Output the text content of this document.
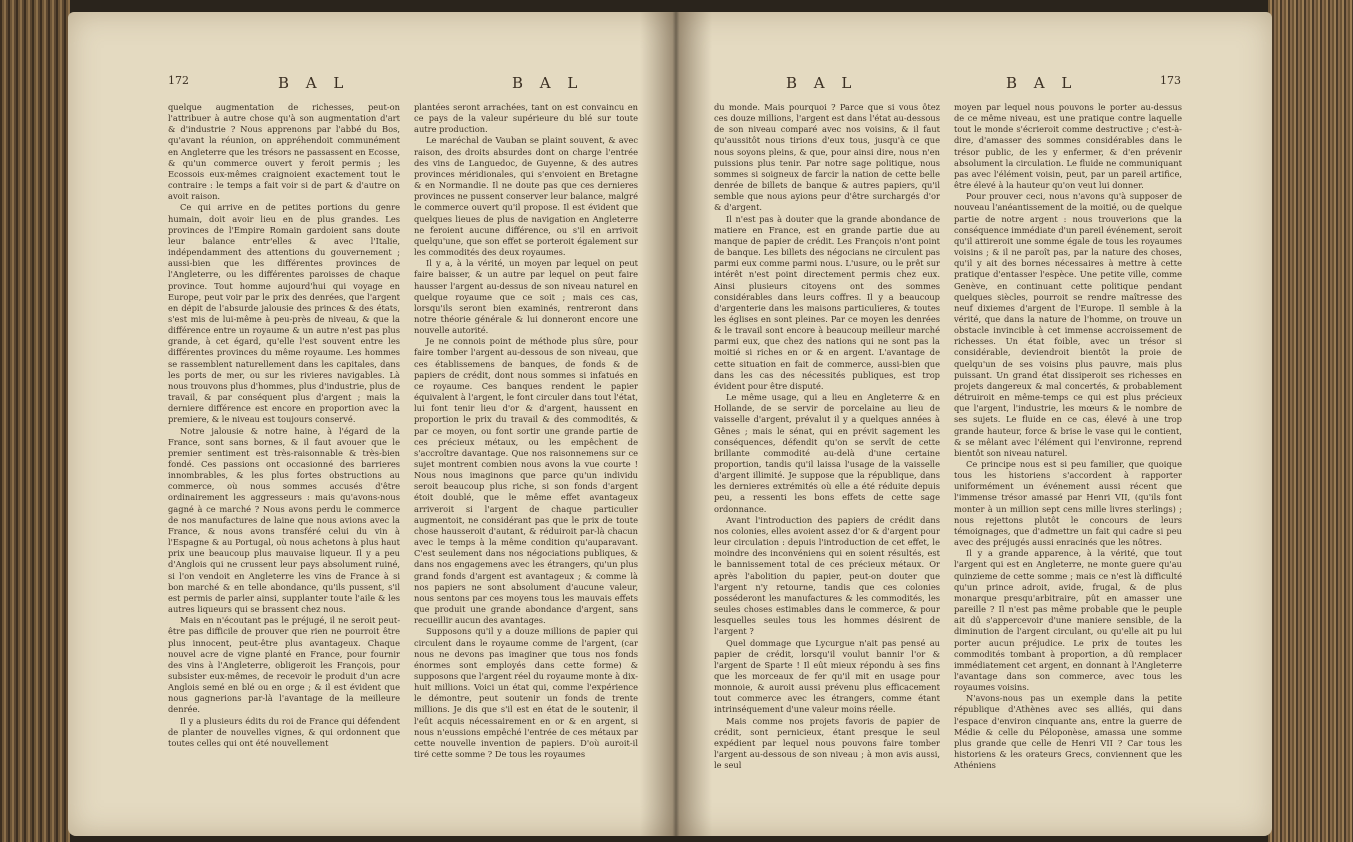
172	B A L	B A L

quelque augmentation de richesses, peut-on l'attribuer à autre chose qu'à son augmentation d'art & d'industrie ? Nous apprenons par l'abbé du Bos, qu'avant la réunion, on appréhendoit communément en Angleterre que les trésors ne passassent en Ecosse, & qu'un commerce ouvert y feroit permis ; les Ecossois eux-mêmes craignoient exactement tout le contraire : le temps a fait voir si de part & d'autre on avoit raison.

Ce qui arrive en de petites portions du genre humain, doit avoir lieu en de plus grandes. Les provinces de l'Empire Romain gardoient sans doute leur balance entr'elles & avec l'Italie, indépendamment des attentions du gouvernement ; aussi-bien que les différentes provinces de l'Angleterre, ou les différentes paroisses de chaque province. Tout homme aujourd'hui qui voyage en Europe, peut voir par le prix des denrées, que l'argent en dépit de l'absurde jalousie des princes & des états, s'est mis de lui-même à peu-près de niveau, & que la différence entre un royaume & un autre n'est pas plus grande, à cet égard, qu'elle l'est souvent entre les différentes provinces du même royaume. Les hommes se rassemblent naturellement dans les capitales, dans les ports de mer, ou sur les rivieres navigables. Là nous trouvons plus d'hommes, plus d'industrie, plus de travail, & par conséquent plus d'argent ; mais la derniere différence est encore en proportion avec la premiere, & le niveau est toujours conservé.

Notre jalousie & notre haine, à l'égard de la France, sont sans bornes, & il faut avouer que le premier sentiment est très-raisonnable & très-bien fondé. Ces passions ont occasionné des barrieres innombrables, & les plus fortes obstructions au commerce, où nous sommes accusés d'être ordinairement les aggresseurs : mais qu'avons-nous gagné à ce marché ? Nous avons perdu le commerce de nos manufactures de laine que nous avions avec la France, & nous avons transféré celui du vin à l'Espagne & au Portugal, où nous achetons à plus haut prix une beaucoup plus mauvaise liqueur. Il y a peu d'Anglois qui ne crussent leur pays absolument ruiné, si l'on vendoit en Angleterre les vins de France à si bon marché & en telle abondance, qu'ils pussent, s'il est permis de parler ainsi, supplanter toute l'aile & les autres liqueurs qui se brassent chez nous.

Mais en n'écoutant pas le préjugé, il ne seroit peut-être pas difficile de prouver que rien ne pourroit être plus innocent, peut-être plus avantageux. Chaque nouvel acre de vigne planté en France, pour fournir des vins à l'Angleterre, obligeroit les François, pour subsister eux-mêmes, de recevoir le produit d'un acre Anglois semé en blé ou en orge ; & il est évident que nous gagnerions par-là l'avantage de la meilleure denrée.

Il y a plusieurs édits du roi de France qui défendent de planter de nouvelles vignes, & qui ordonnent que toutes celles qui ont été nouvellement

plantées seront arrachées, tant on est convaincu en ce pays de la valeur supérieure du blé sur toute autre production.

Le maréchal de Vauban se plaint souvent, & avec raison, des droits absurdes dont on charge l'entrée des vins de Languedoc, de Guyenne, & des autres provinces méridionales, qui s'envoient en Bretagne & en Normandie. Il ne doute pas que ces dernieres provinces ne pussent conserver leur balance, malgré le commerce ouvert qu'il propose. Il est évident que quelques lieues de plus de navigation en Angleterre ne feroient aucune différence, ou s'il en arrivoit quelqu'une, que son effet se porteroit également sur les commodités des deux royaumes.

Il y a, à la vérité, un moyen par lequel on peut faire baisser, & un autre par lequel on peut faire hausser l'argent au-dessus de son niveau naturel en quelque royaume que ce soit ; mais ces cas, lorsqu'ils seront bien examinés, rentreront dans notre théorie générale & lui donneront encore une nouvelle autorité.

Je ne connois point de méthode plus sûre, pour faire tomber l'argent au-dessous de son niveau, que ces établissemens de banques, de fonds & de papiers de crédit, dont nous sommes si infatués en ce royaume. Ces banques rendent le papier équivalent à l'argent, le font circuler dans tout l'état, lui font tenir lieu d'or & d'argent, haussent en proportion le prix du travail & des commodités, & par ce moyen, ou font sortir une grande partie de ces précieux métaux, ou les empêchent de s'accroître davantage. Que nos raisonnemens sur ce sujet montrent combien nous avons la vue courte ! Nous nous imaginons que parce qu'un individu seroit beaucoup plus riche, si son fonds d'argent étoit doublé, que le même effet avantageux arriveroit si l'argent de chaque particulier augmentoit, ne considérant pas que le prix de toute chose hausseroit d'autant, & réduiroit par-là chacun avec le temps à la même condition qu'auparavant. C'est seulement dans nos négociations publiques, & dans nos engagemens avec les étrangers, qu'un plus grand fonds d'argent est avantageux ; & comme là nos papiers ne sont absolument d'aucune valeur, nous sentons par ces moyens tous les mauvais effets que produit une grande abondance d'argent, sans recueillir aucun des avantages.

Supposons qu'il y a douze millions de papier qui circulent dans le royaume comme de l'argent, (car nous ne devons pas imaginer que tous nos fonds énormes sont employés dans cette forme) & supposons que l'argent réel du royaume monte à dix-huit millions. Voici un état qui, comme l'expérience le démontre, peut soutenir un fonds de trente millions. Je dis que s'il est en état de le soutenir, il l'eût acquis nécessairement en or & en argent, si nous n'eussions empêché l'entrée de ces métaux par cette nouvelle invention de papiers. D'où auroit-il tiré cette somme ? De tous les royaumes

B A L	B A L	173

du monde. Mais pourquoi ? Parce que si vous ôtez ces douze millions, l'argent est dans l'état au-dessous de son niveau comparé avec nos voisins, & il faut qu'aussitôt nous tirions d'eux tous, jusqu'à ce que nous soyons pleins, & que, pour ainsi dire, nous n'en puissions plus tenir. Par notre sage politique, nous sommes si soigneux de farcir la nation de cette belle denrée de billets de banque & autres papiers, qu'il semble que nous ayions peur d'être surchargés d'or & d'argent.

Il n'est pas à douter que la grande abondance de matiere en France, est en grande partie due au manque de papier de crédit. Les François n'ont point de banque. Les billets des négocians ne circulent pas parmi eux comme parmi nous. L'usure, ou le prêt sur intérêt n'est point directement permis chez eux. Ainsi plusieurs citoyens ont des sommes considérables dans leurs coffres. Il y a beaucoup d'argenterie dans les maisons particulieres, & toutes les églises en sont pleines. Par ce moyen les denrées & le travail sont encore à beaucoup meilleur marché parmi eux, que chez des nations qui ne sont pas la moitié si riches en or & en argent. L'avantage de cette situation en fait de commerce, aussi-bien que dans les cas des nécessités publiques, est trop évident pour être disputé.

Le même usage, qui a lieu en Angleterre & en Hollande, de se servir de porcelaine au lieu de vaisselle d'argent, prévalut il y a quelques années à Gênes ; mais le sénat, qui en prévit sagement les conséquences, défendit qu'on se servît de cette brillante commodité au-delà d'une certaine proportion, tandis qu'il laissa l'usage de la vaisselle d'argent illimité. Je suppose que la république, dans les dernieres extrémités où elle a été réduite depuis peu, a ressenti les bons effets de cette sage ordonnance.

Avant l'introduction des papiers de crédit dans nos colonies, elles avoient assez d'or & d'argent pour leur circulation : depuis l'introduction de cet effet, le moindre des inconvéniens qui en soient résultés, est le bannissement total de ces précieux métaux. Or après l'abolition du papier, peut-on douter que l'argent n'y retourne, tandis que ces colonies posséderont les manufactures & les commodités, les seules choses estimables dans le commerce, & pour lesquelles seules tous les hommes désirent de l'argent ?

Quel dommage que Lycurgue n'ait pas pensé au papier de crédit, lorsqu'il voulut bannir l'or & l'argent de Sparte ! Il eût mieux répondu à ses fins que les morceaux de fer qu'il mit en usage pour monnoie, & auroit aussi prévenu plus efficacement tout commerce avec les étrangers, comme étant intrinséquement d'une valeur moins réelle.

Mais comme nos projets favoris de papier de crédit, sont pernicieux, étant presque le seul expédient par lequel nous pouvons faire tomber l'argent au-dessous de son niveau ; à mon avis aussi, le seul

moyen par lequel nous pouvons le porter au-dessus de ce même niveau, est une pratique contre laquelle tout le monde s'écrieroit comme destructive ; c'est-à-dire, d'amasser des sommes considérables dans le trésor public, de les y enfermer, & d'en prévenir absolument la circulation. Le fluide ne communiquant pas avec l'élément voisin, peut, par un pareil artifice, être élevé à la hauteur qu'on veut lui donner.

Pour prouver ceci, nous n'avons qu'à supposer de nouveau l'anéantissement de la moitié, ou de quelque partie de notre argent : nous trouverions que la conséquence immédiate d'un pareil événement, seroit qu'il attireroit une somme égale de tous les royaumes voisins ; & il ne paroît pas, par la nature des choses, qu'il y ait des bornes nécessaires à mettre à cette pratique d'entasser l'espèce. Une petite ville, comme Genève, en continuant cette politique pendant quelques siècles, pourroit se rendre maîtresse des neuf dixiemes d'argent de l'Europe. Il semble à la vérité, que dans la nature de l'homme, on trouve un obstacle invincible à cet immense accroissement de richesses. Un état foible, avec un trésor si considérable, deviendroit bientôt la proie de quelqu'un de ses voisins plus pauvre, mais plus puissant. Un grand état dissiperoit ses richesses en projets dangereux & mal concertés, & probablement détruiroit en même-temps ce qui est plus précieux que l'argent, l'industrie, les mœurs & le nombre de ses sujets. Le fluide en ce cas, élevé à une trop grande hauteur, force & brise le vase qui le contient, & se mêlant avec l'élément qui l'environne, reprend bientôt son niveau naturel.

Ce principe nous est si peu familier, que quoique tous les historiens s'accordent à rapporter uniformément un événement aussi récent que l'immense trésor amassé par Henri VII, (qu'ils font monter à un million sept cens mille livres sterlings) ; nous rejettons plutôt le concours de leurs témoignages, que d'admettre un fait qui cadre si peu avec des préjugés aussi enracinés que les nôtres.

Il y a grande apparence, à la vérité, que tout l'argent qui est en Angleterre, ne monte guere qu'au quinzieme de cette somme ; mais ce n'est là difficulté qu'un prince adroit, avide, frugal, & de plus monarque presqu'arbitraire, pût en amasser une pareille ? Il n'est pas même probable que le peuple ait dû s'appercevoir d'une maniere sensible, de la diminution de l'argent circulant, ou qu'elle ait pu lui porter aucun préjudice. Le prix de toutes les commodités tombant à proportion, a dû remplacer immédiatement cet argent, en donnant à l'Angleterre l'avantage dans son commerce, avec tous les royaumes voisins.

N'avons-nous pas un exemple dans la petite république d'Athènes avec ses alliés, qui dans l'espace d'environ cinquante ans, entre la guerre de Médie & celle du Péloponèse, amassa une somme plus grande que celle de Henri VII ? Car tous les historiens & les orateurs Grecs, conviennent que les Athéniens
